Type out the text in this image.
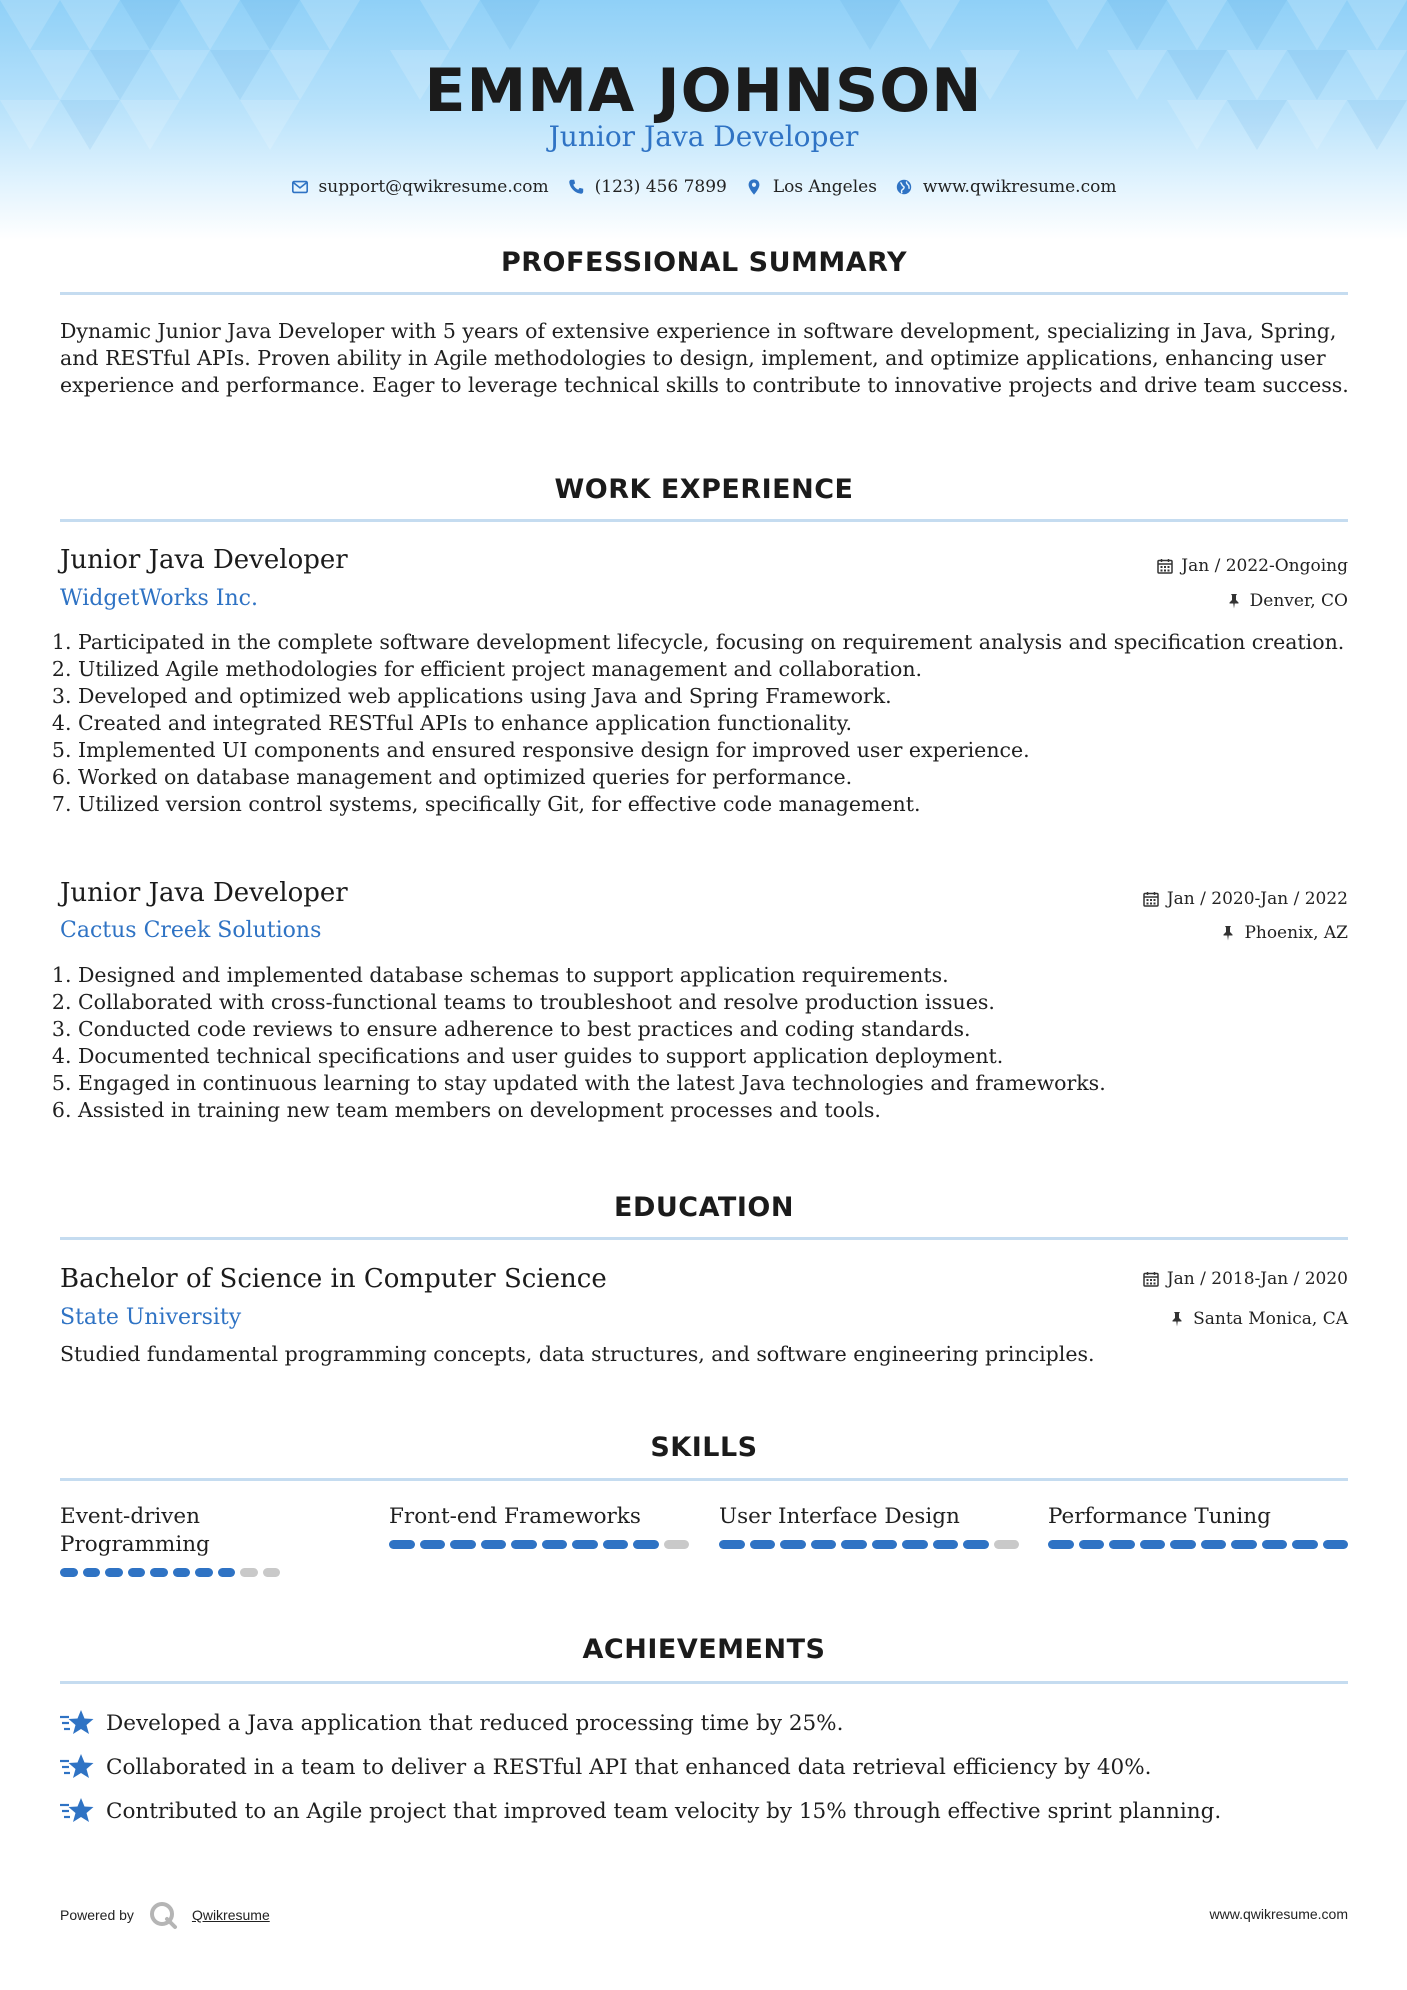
EMMA JOHNSON
Junior Java Developer
support@qwikresume.com	(123) 456 7899	Los Angeles	www.qwikresume.com
PROFESSIONAL SUMMARY
Dynamic Junior Java Developer with 5 years of extensive experience in software development, specializing in Java, Spring, and RESTful APIs. Proven ability in Agile methodologies to design, implement, and optimize applications, enhancing user experience and performance. Eager to leverage technical skills to contribute to innovative projects and drive team success.
WORK EXPERIENCE
Junior Java Developer
WidgetWorks Inc.
Jan / 2022-Ongoing
Denver, CO
1. Participated in the complete software development lifecycle, focusing on requirement analysis and specification creation.
2. Utilized Agile methodologies for efficient project management and collaboration.
3. Developed and optimized web applications using Java and Spring Framework.
4. Created and integrated RESTful APIs to enhance application functionality.
5. Implemented UI components and ensured responsive design for improved user experience.
6. Worked on database management and optimized queries for performance.
7. Utilized version control systems, specifically Git, for effective code management.
Junior Java Developer
Cactus Creek Solutions
Jan / 2020-Jan / 2022
Phoenix, AZ
1. Designed and implemented database schemas to support application requirements.
2. Collaborated with cross-functional teams to troubleshoot and resolve production issues.
3. Conducted code reviews to ensure adherence to best practices and coding standards.
4. Documented technical specifications and user guides to support application deployment.
5. Engaged in continuous learning to stay updated with the latest Java technologies and frameworks.
6. Assisted in training new team members on development processes and tools.
EDUCATION
Bachelor of Science in Computer Science
State University
Jan / 2018-Jan / 2020
Santa Monica, CA
Studied fundamental programming concepts, data structures, and software engineering principles.
SKILLS
Event-driven Programming
Front-end Frameworks	User Interface Design	Performance Tuning
ACHIEVEMENTS
Developed a Java application that reduced processing time by 25%.
Collaborated in a team to deliver a RESTful API that enhanced data retrieval efficiency by 40%.
Contributed to an Agile project that improved team velocity by 15% through effective sprint planning.
Powered by	Qwikresume	www.qwikresume.com
